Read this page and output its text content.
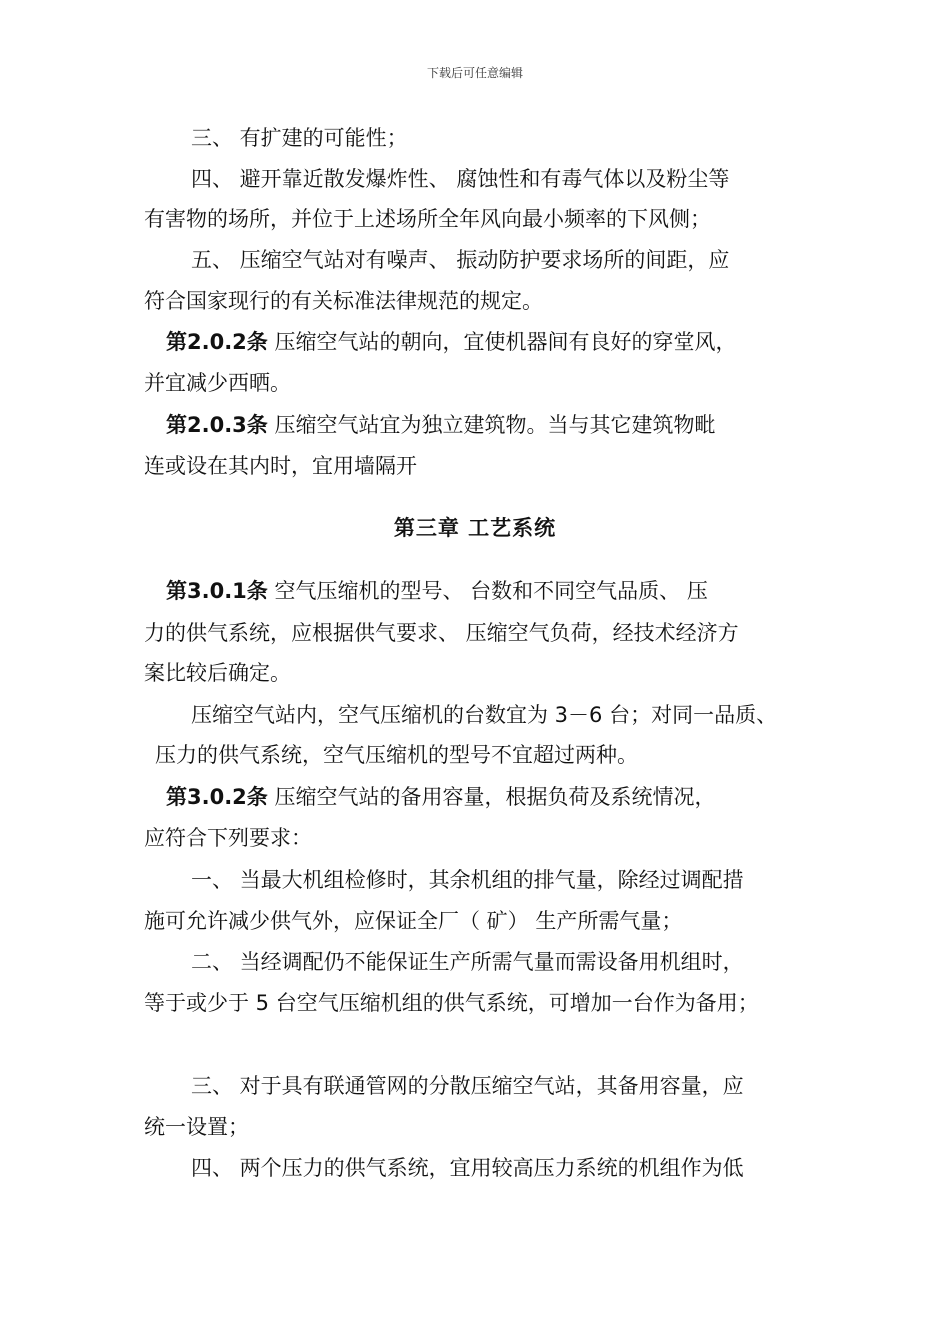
下载后可任意编辑
三、 有扩建的可能性；
四、 避开靠近散发爆炸性、 腐蚀性和有毒气体以及粉尘等
有害物的场所，并位于上述场所全年风向最小频率的下风侧；
五、 压缩空气站对有噪声、 振动防护要求场所的间距，应
符合国家现行的有关标准法律规范的规定。
第2.0.2条 压缩空气站的朝向，宜使机器间有良好的穿堂风，
并宜减少西晒。
第2.0.3条 压缩空气站宜为独立建筑物。当与其它建筑物毗
连或设在其内时，宜用墙隔开
第三章 工艺系统
第3.0.1条 空气压缩机的型号、 台数和不同空气品质、 压
力的供气系统，应根据供气要求、 压缩空气负荷，经技术经济方
案比较后确定。
压缩空气站内，空气压缩机的台数宜为 3－6 台；对同一品质、
压力的供气系统，空气压缩机的型号不宜超过两种。
第3.0.2条 压缩空气站的备用容量，根据负荷及系统情况，
应符合下列要求：
一、 当最大机组检修时，其余机组的排气量，除经过调配措
施可允许减少供气外，应保证全厂（ 矿） 生产所需气量；
二、 当经调配仍不能保证生产所需气量而需设备用机组时，
等于或少于 5 台空气压缩机组的供气系统，可增加一台作为备用；
三、 对于具有联通管网的分散压缩空气站，其备用容量，应
统一设置；
四、 两个压力的供气系统，宜用较高压力系统的机组作为低
